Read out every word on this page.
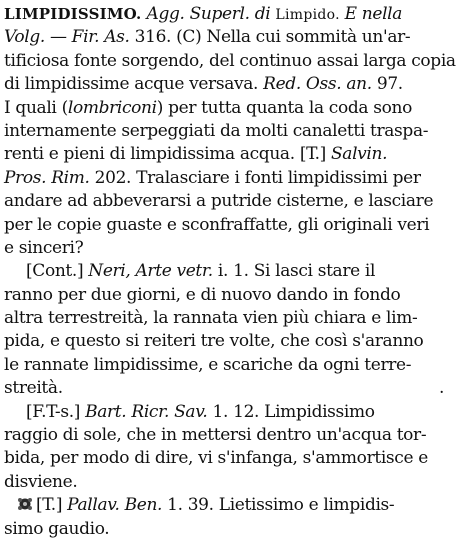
LIMPIDISSIMO. Agg. Superl. di Limpido. E nella
Volg. — Fir. As. 316. (C) Nella cui sommità un'ar-
tificiosa fonte sorgendo, del continuo assai larga copia
di limpidissime acque versava. Red. Oss. an. 97.
I quali (lombriconi) per tutta quanta la coda sono
internamente serpeggiati da molti canaletti traspa-
renti e pieni di limpidissima acqua. [T.] Salvin.
Pros. Rim. 202. Tralasciare i fonti limpidissimi per
andare ad abbeverarsi a putride cisterne, e lasciare
per le copie guaste e sconfraffatte, gli originali veri
e sinceri?
[Cont.] Neri, Arte vetr. i. 1. Si lasci stare il
ranno per due giorni, e di nuovo dando in fondo
altra terrestreità, la rannata vien più chiara e lim-
pida, e questo si reiteri tre volte, che così s'aranno
le rannate limpidissime, e scariche da ogni terre-
streità.	.
[F.T-s.] Bart. Ricr. Sav. 1. 12. Limpidissimo
raggio di sole, che in mettersi dentro un'acqua tor-
bida, per modo di dire, vi s'infanga, s'ammortisce e
disviene.
[T.] Pallav. Ben. 1. 39. Lietissimo e limpidis-
simo gaudio.
